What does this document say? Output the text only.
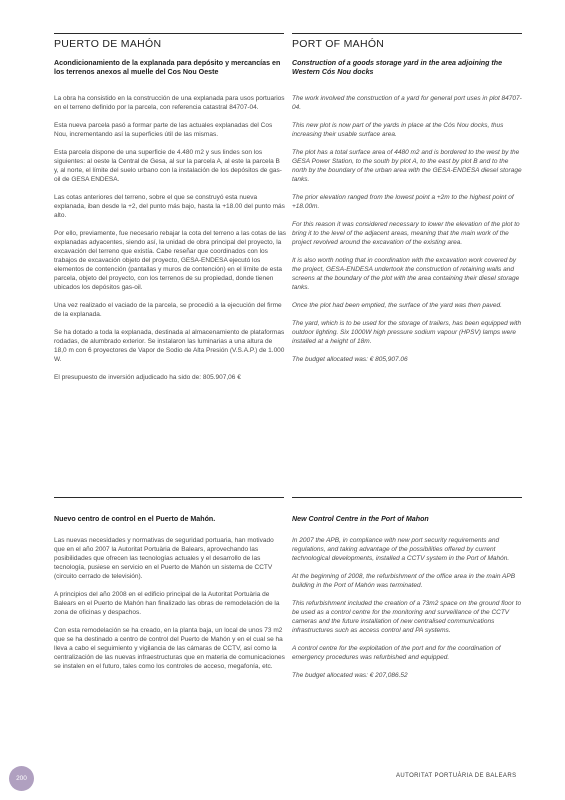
PUERTO DE MAHÓN	PORT OF MAHÓN
Acondicionamiento de la explanada para depósito y mercancías en los terrenos anexos al muelle del Cos Nou Oeste
Construction of a goods storage yard in the area adjoining the Western Cós Nou docks

La obra ha consistido en la construcción de una explanada para usos portuarios en el terreno definido por la parcela, con referencia catastral 84707-04.

Esta nueva parcela pasó a formar parte de las actuales explanadas del Cos Nou, incrementando así la superficies útil de las mismas.

Esta parcela dispone de una superficie de 4.480 m2 y sus lindes son los siguientes: al oeste la Central de Gesa, al sur la parcela A, al este la parcela B y, al norte, el límite del suelo urbano con la instalación de los depósitos de gas-oil de GESA ENDESA.

Las cotas anteriores del terreno, sobre el que se construyó esta nueva explanada, iban desde la +2, del punto más bajo, hasta la +18.00 del punto más alto.

Por ello, previamente, fue necesario rebajar la cota del terreno a las cotas de las explanadas adyacentes, siendo así, la unidad de obra principal del proyecto, la excavación del terreno que existía. Cabe reseñar que coordinados con los trabajos de excavación objeto del proyecto, GESA-ENDESA ejecutó los elementos de contención (pantallas y muros de contención) en el límite de esta parcela, objeto del proyecto, con los terrenos de su propiedad, donde tienen ubicados los depósitos gas-oil.

Una vez realizado el vaciado de la parcela, se procedió a la ejecución del firme de la explanada.

Se ha dotado a toda la explanada, destinada al almacenamiento de plataformas rodadas, de alumbrado exterior. Se instalaron las luminarias a una altura de 18,0 m con 6 proyectores de Vapor de Sodio de Alta Presión (V.S.A.P.) de 1.000 W.

El presupuesto de inversión adjudicado ha sido de: 805.907,06 €

The work involved the construction of a yard for general port uses in plot 84707-04.

This new plot is now part of the yards in place at the Cós Nou docks, thus increasing their usable surface area.

The plot has a total surface area of 4480 m2 and is bordered to the west by the GESA Power Station, to the south by plot A, to the east by plot B and to the north by the boundary of the urban area with the GESA-ENDESA diesel storage tanks.

The prior elevation ranged from the lowest point a +2m to the highest point of +18.00m.

For this reason it was considered necessary to lower the elevation of the plot to bring it to the level of the adjacent areas, meaning that the main work of the project revolved around the excavation of the existing area.

It is also worth noting that in coordination with the excavation work covered by the project, GESA-ENDESA undertook the construction of retaining walls and screens at the boundary of the plot with the area containing their diesel storage tanks.

Once the plot had been emptied, the surface of the yard was then paved.

The yard, which is to be used for the storage of trailers, has been equipped with outdoor lighting. Six 1000W high pressure sodium vapour (HPSV) lamps were installed at a height of 18m.

The budget allocated was: € 805,907.06

Nuevo centro de control en el Puerto de Mahón.	New Control Centre in the Port of Mahon

Las nuevas necesidades y normativas de seguridad portuaria, han motivado que en el año 2007 la Autoritat Portuària de Balears, aprovechando las posibilidades que ofrecen las tecnologías actuales y el desarrollo de las tecnología, pusiese en servicio en el Puerto de Mahón un sistema de CCTV (circuito cerrado de televisión).

A principios del año 2008 en el edificio principal de la Autoritat Portuària de Balears en el Puerto de Mahón han finalizado las obras de remodelación de la zona de oficinas y despachos.

Con esta remodelación se ha creado, en la planta baja, un local de unos 73 m2 que se ha destinado a centro de control del Puerto de Mahón y en el cual se ha lleva a cabo el seguimiento y vigilancia de las cámaras de CCTV, así como la centralización de las nuevas infraestructuras que en materia de comunicaciones se instalen en el futuro, tales como los controles de acceso, megafonía, etc.

In 2007 the APB, in compliance with new port security requirements and regulations, and taking advantage of the possibilities offered by current technological developments, installed a CCTV system in the Port of Mahón.

At the beginning of 2008, the refurbishment of the office area in the main APB building in the Port of Mahón was terminated.

This refurbishment included the creation of a 73m2 space on the ground floor to be used as a control centre for the monitoring and surveillance of the CCTV cameras and the future installation of new centralised communications infrastructures such as access control and PA systems.

A control centre for the exploitation of the port and for the coordination of emergency procedures was refurbished and equipped.

The budget allocated was: € 207,086.52

200	AUTORITAT PORTUÀRIA DE BALEARS
